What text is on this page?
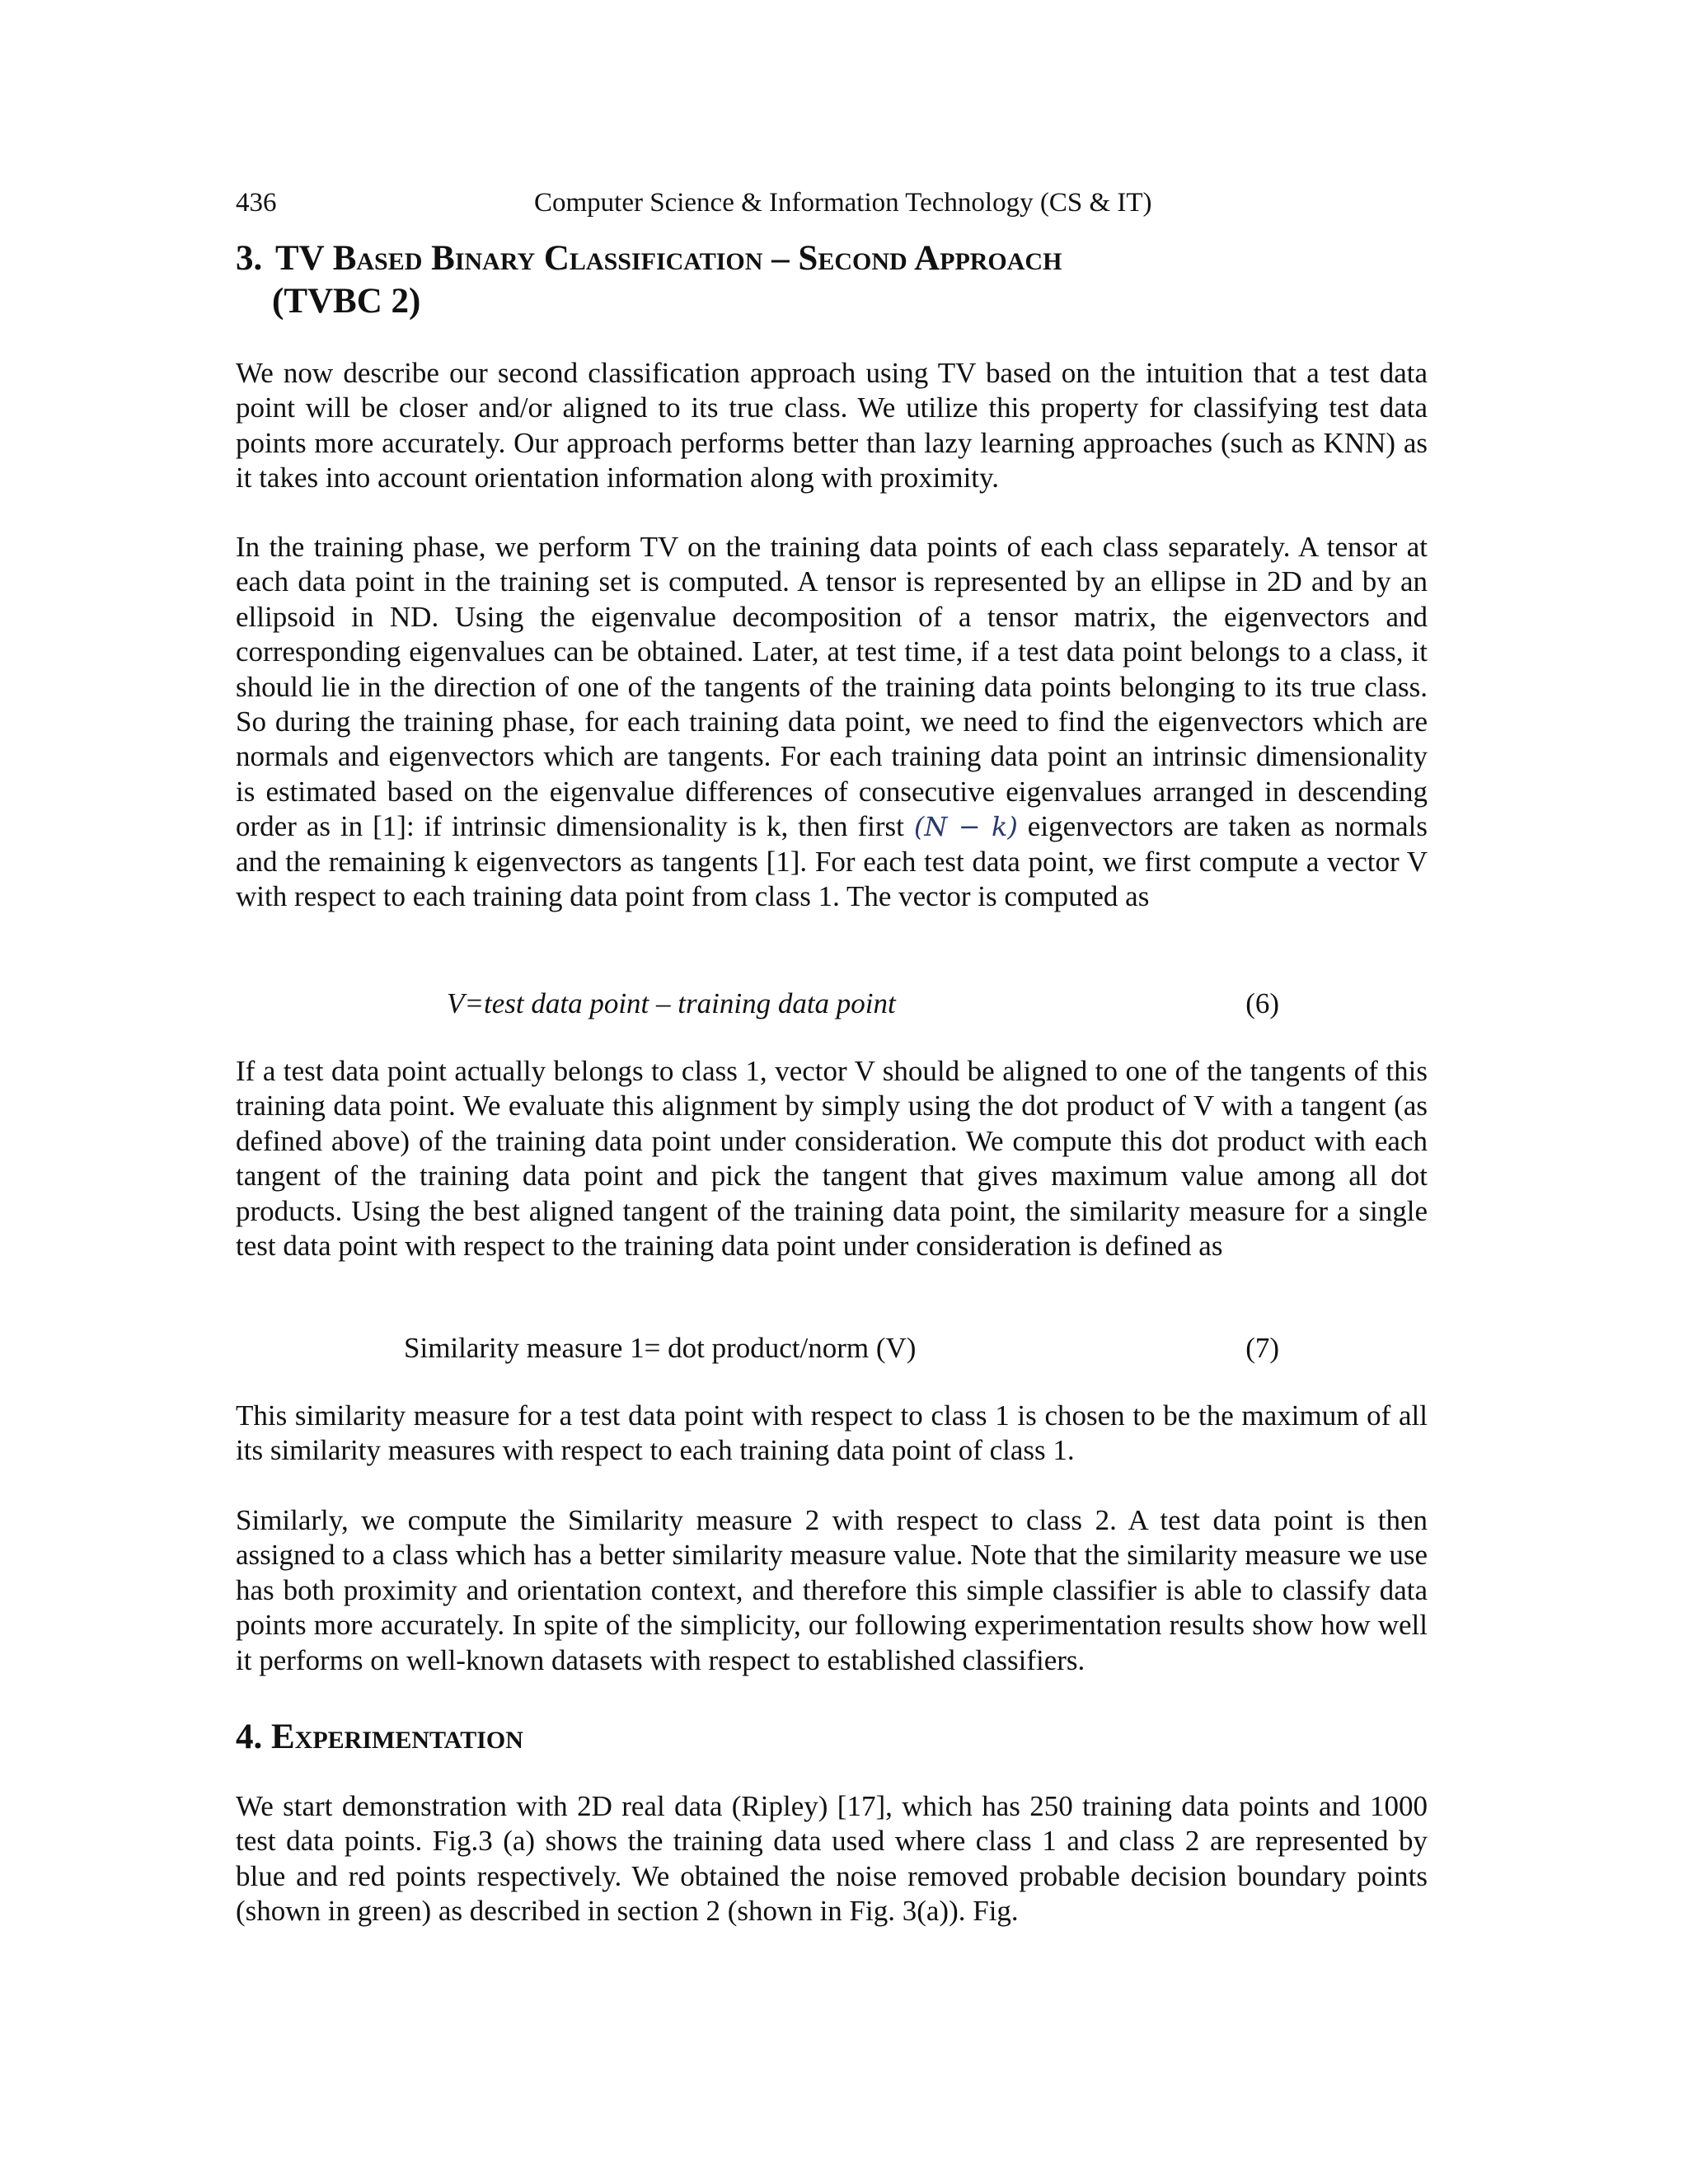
436	Computer Science & Information Technology (CS & IT)
3. TV Based Binary Classification – Second Approach
(TVBC 2)

We now describe our second classification approach using TV based on the intuition that a test data point will be closer and/or aligned to its true class. We utilize this property for classifying test data points more accurately. Our approach performs better than lazy learning approaches (such as KNN) as it takes into account orientation information along with proximity.

In the training phase, we perform TV on the training data points of each class separately. A tensor at each data point in the training set is computed. A tensor is represented by an ellipse in 2D and by an ellipsoid in ND. Using the eigenvalue decomposition of a tensor matrix, the eigenvectors and corresponding eigenvalues can be obtained. Later, at test time, if a test data point belongs to a class, it should lie in the direction of one of the tangents of the training data points belonging to its true class. So during the training phase, for each training data point, we need to find the eigenvectors which are normals and eigenvectors which are tangents. For each training data point an intrinsic dimensionality is estimated based on the eigenvalue differences of consecutive eigenvalues arranged in descending order as in [1]: if intrinsic dimensionality is k, then first (N − k) eigenvectors are taken as normals and the remaining k eigenvectors as tangents [1]. For each test data point, we first compute a vector V with respect to each training data point from class 1. The vector is computed as

V=test data point – training data point	(6)

If a test data point actually belongs to class 1, vector V should be aligned to one of the tangents of this training data point. We evaluate this alignment by simply using the dot product of V with a tangent (as defined above) of the training data point under consideration. We compute this dot product with each tangent of the training data point and pick the tangent that gives maximum value among all dot products. Using the best aligned tangent of the training data point, the similarity measure for a single test data point with respect to the training data point under consideration is defined as

Similarity measure 1= dot product/norm (V)	(7)

This similarity measure for a test data point with respect to class 1 is chosen to be the maximum of all its similarity measures with respect to each training data point of class 1.

Similarly, we compute the Similarity measure 2 with respect to class 2. A test data point is then assigned to a class which has a better similarity measure value. Note that the similarity measure we use has both proximity and orientation context, and therefore this simple classifier is able to classify data points more accurately. In spite of the simplicity, our following experimentation results show how well it performs on well-known datasets with respect to established classifiers.

4. Experimentation

We start demonstration with 2D real data (Ripley) [17], which has 250 training data points and 1000 test data points. Fig.3 (a) shows the training data used where class 1 and class 2 are represented by blue and red points respectively. We obtained the noise removed probable decision boundary points (shown in green) as described in section 2 (shown in Fig. 3(a)). Fig.
